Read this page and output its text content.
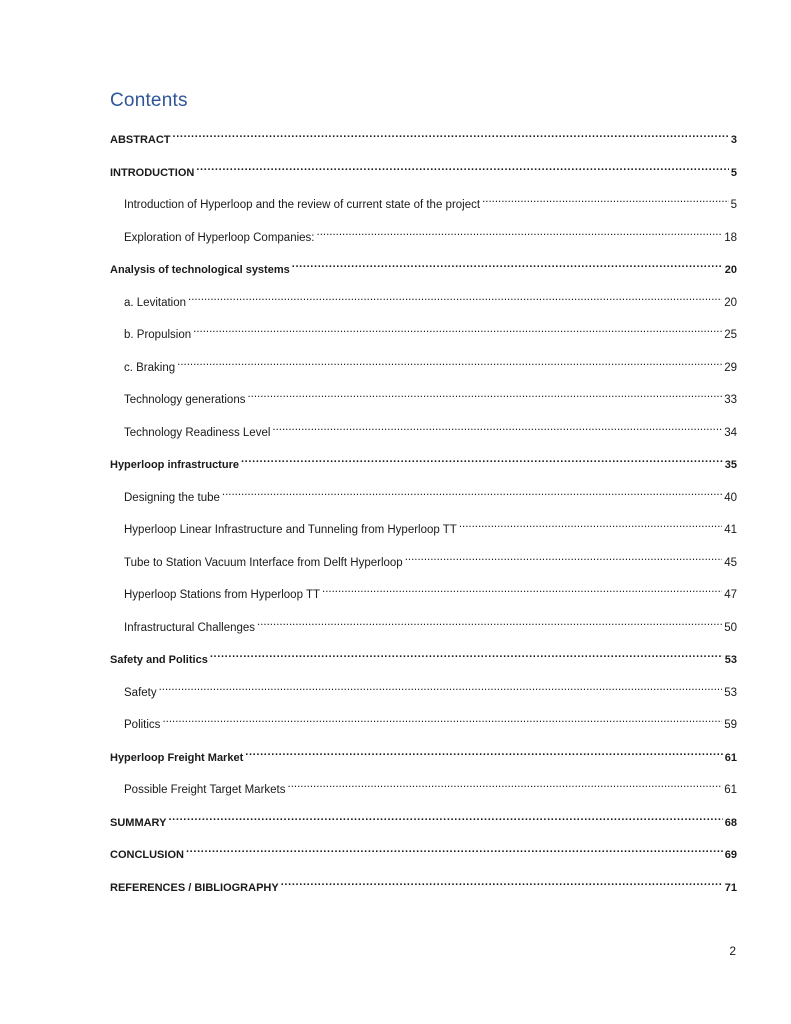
Contents
ABSTRACT . . .	3
INTRODUCTION . . .	5
Introduction of Hyperloop and the review of current state of the project . . .	5
Exploration of Hyperloop Companies: . . .	18
Analysis of technological systems . . .	20
a. Levitation . . .	20
b. Propulsion . . .	25
c. Braking . . .	29
Technology generations . . .	33
Technology Readiness Level . . .	34
Hyperloop infrastructure . . .	35
Designing the tube . . .	40
Hyperloop Linear Infrastructure and Tunneling from Hyperloop TT . . .	41
Tube to Station Vacuum Interface from Delft Hyperloop . . .	45
Hyperloop Stations from Hyperloop TT . . .	47
Infrastructural Challenges . . .	50
Safety and Politics . . .	53
Safety . . .	53
Politics . . .	59
Hyperloop Freight Market . . .	61
Possible Freight Target Markets . . .	61
SUMMARY . . .	68
CONCLUSION . . .	69
REFERENCES / BIBLIOGRAPHY . . .	71
2
